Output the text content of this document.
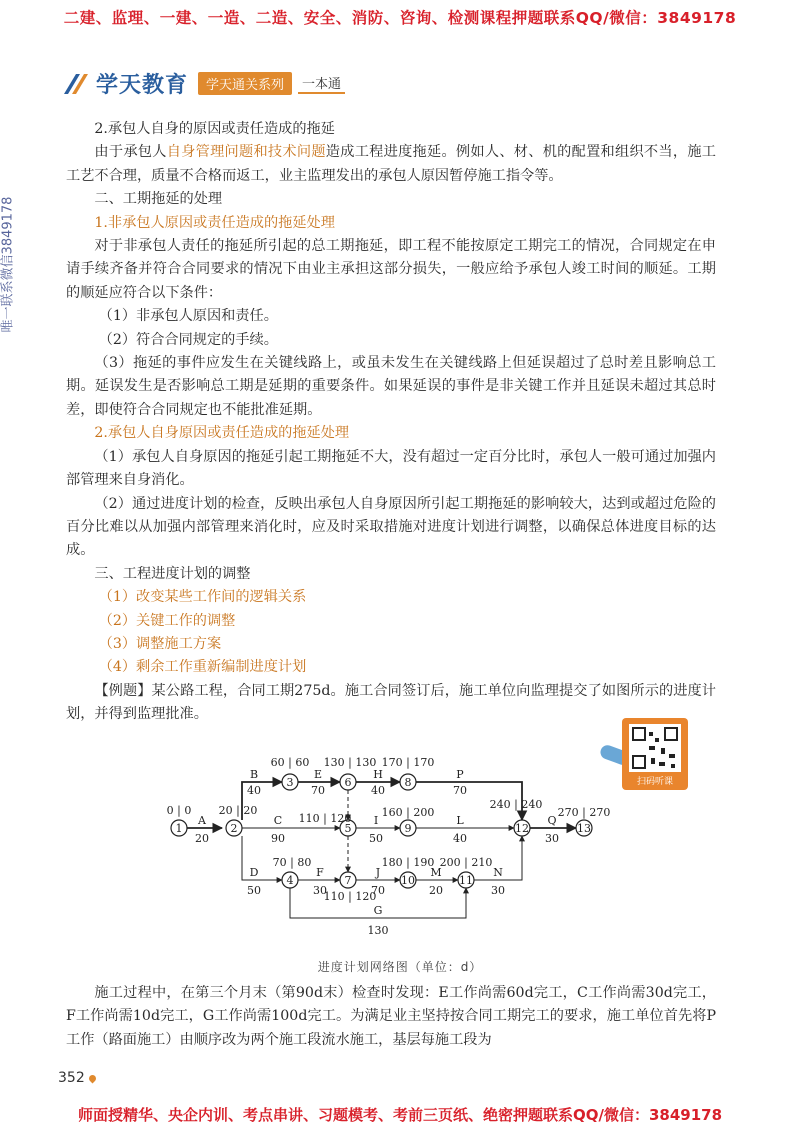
二建、监理、一建、一造、二造、安全、消防、咨询、检测课程押题联系QQ/微信：3849178
学天教育	学天通关系列	一本通
唯一联系微信3849178

2.承包人自身的原因或责任造成的拖延

由于承包人自身管理问题和技术问题造成工程进度拖延。例如人、材、机的配置和组织不当，施工工艺不合理，质量不合格而返工，业主监理发出的承包人原因暂停施工指令等。

二、工期拖延的处理

1.非承包人原因或责任造成的拖延处理

对于非承包人责任的拖延所引起的总工期拖延，即工程不能按原定工期完工的情况，合同规定在申请手续齐备并符合合同要求的情况下由业主承担这部分损失，一般应给予承包人竣工时间的顺延。工期的顺延应符合以下条件：

（1）非承包人原因和责任。

（2）符合合同规定的手续。

（3）拖延的事件应发生在关键线路上，或虽未发生在关键线路上但延误超过了总时差且影响总工期。延误发生是否影响总工期是延期的重要条件。如果延误的事件是非关键工作并且延误未超过其总时差，即使符合合同规定也不能批准延期。

2.承包人自身原因或责任造成的拖延处理

（1）承包人自身原因的拖延引起工期拖延不大，没有超过一定百分比时，承包人一般可通过加强内部管理来自身消化。

（2）通过进度计划的检查，反映出承包人自身原因所引起工期拖延的影响较大，达到或超过危险的百分比难以从加强内部管理来消化时，应及时采取措施对进度计划进行调整，以确保总体进度目标的达成。

三、工程进度计划的调整

（1）改变某些工作间的逻辑关系

（2）关键工作的调整

（3）调整施工方案

（4）剩余工作重新编制进度计划

【例题】某公路工程，合同工期275d。施工合同签订后，施工单位向监理提交了如图所示的进度计划，并得到监理批准。

扫码听课
1	2
3
4
5
6
7
8
9
10	11
12	13
0 | 0 20 | 20
60 | 60 130 | 130 170 | 170
110 | 120	160 | 200
70 | 80	180 | 190 200 | 210
240 | 240
270 | 270
110 | 120
A
20
B
40
E
70
H
40
P
70
C
90
I
50
L
40
Q
30
D
50
F
30
J
70
M
20
N
30
G
130
进度计划网络图（单位：d）

施工过程中，在第三个月末（第90d末）检查时发现：E工作尚需60d完工，C工作尚需30d完工，F工作尚需10d完工，G工作尚需100d完工。为满足业主坚持按合同工期完工的要求，施工单位首先将P工作（路面施工）由顺序改为两个施工段流水施工，基层每施工段为

352
师面授精华、央企内训、考点串讲、习题模考、考前三页纸、绝密押题联系QQ/微信：3849178
